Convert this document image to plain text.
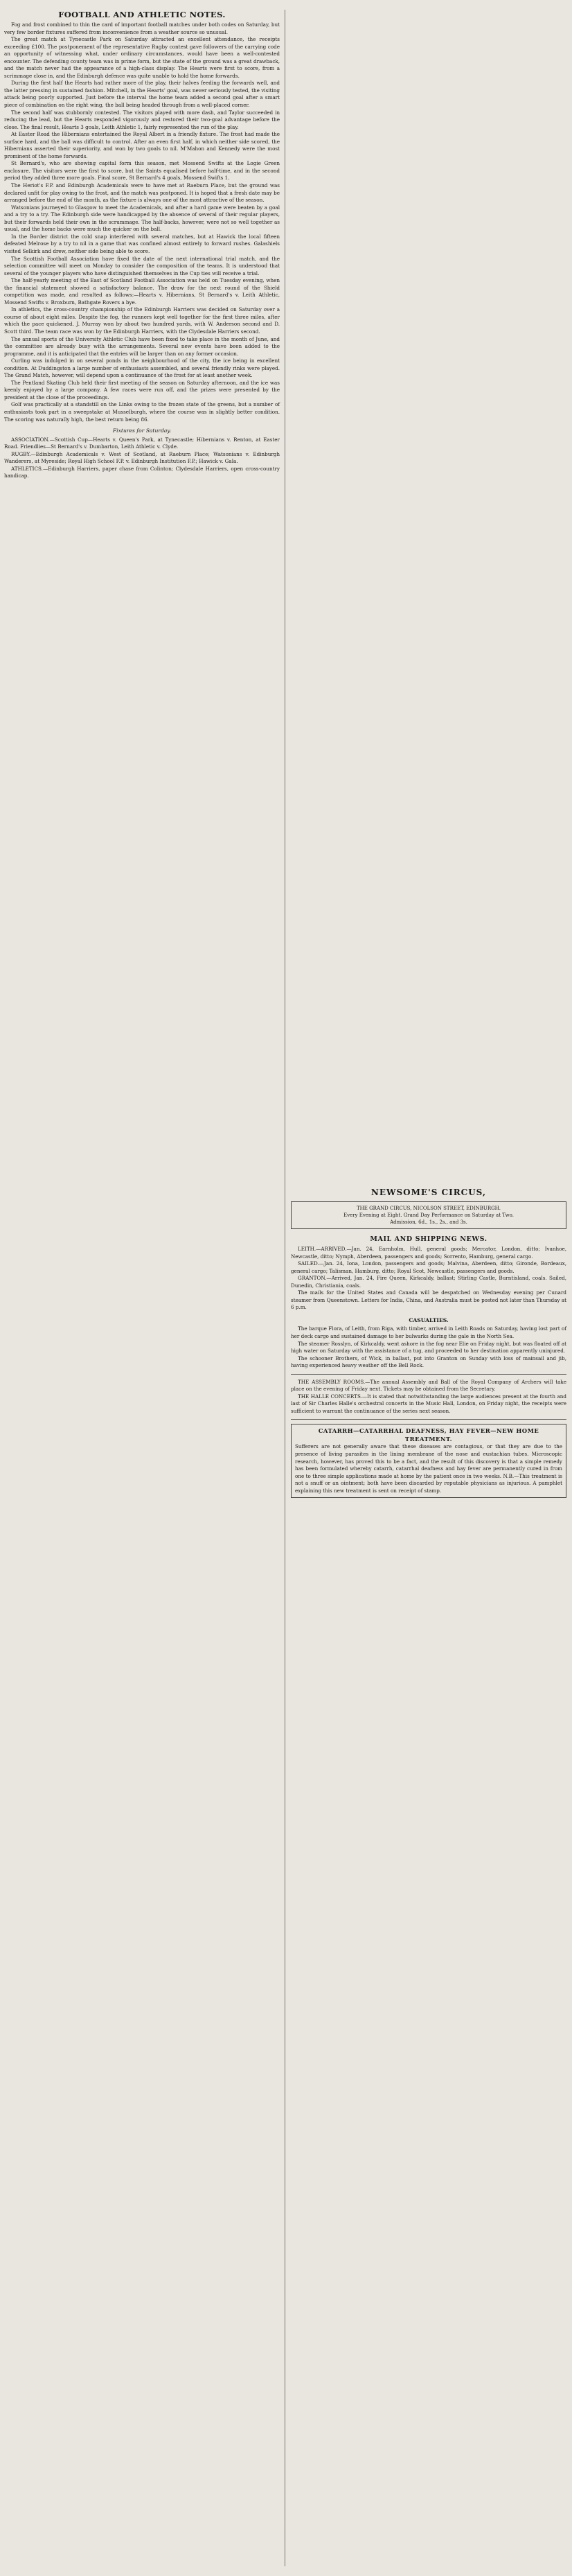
FOOTBALL AND ATHLETIC NOTES.

Fog and frost combined to thin the card of important football matches under both codes on Saturday, but very few border fixtures suffered from inconvenience from a weather source so unusual.

The great match at Tynecastle Park on Saturday attracted an excellent attendance, the receipts exceeding £100. The postponement of the representative Rugby contest gave followers of the carrying code an opportunity of witnessing what, under ordinary circumstances, would have been a well-contested encounter. The defending county team was in prime form, but the state of the ground was a great drawback, and the match never had the appearance of a high-class display. The Hearts were first to score, from a scrimmage close in, and the Edinburgh defence was quite unable to hold the home forwards.

During the first half the Hearts had rather more of the play, their halves feeding the forwards well, and the latter pressing in sustained fashion. Mitchell, in the Hearts' goal, was never seriously tested, the visiting attack being poorly supported. Just before the interval the home team added a second goal after a smart piece of combination on the right wing, the ball being headed through from a well-placed corner.

The second half was stubbornly contested. The visitors played with more dash, and Taylor succeeded in reducing the lead, but the Hearts responded vigorously and restored their two-goal advantage before the close. The final result, Hearts 3 goals, Leith Athletic 1, fairly represented the run of the play.

At Easter Road the Hibernians entertained the Royal Albert in a friendly fixture. The frost had made the surface hard, and the ball was difficult to control. After an even first half, in which neither side scored, the Hibernians asserted their superiority, and won by two goals to nil. M'Mahon and Kennedy were the most prominent of the home forwards.

St Bernard's, who are showing capital form this season, met Mossend Swifts at the Logie Green enclosure. The visitors were the first to score, but the Saints equalised before half-time, and in the second period they added three more goals. Final score, St Bernard's 4 goals, Mossend Swifts 1.

The Heriot's F.P. and Edinburgh Academicals were to have met at Raeburn Place, but the ground was declared unfit for play owing to the frost, and the match was postponed. It is hoped that a fresh date may be arranged before the end of the month, as the fixture is always one of the most attractive of the season.

Watsonians journeyed to Glasgow to meet the Academicals, and after a hard game were beaten by a goal and a try to a try. The Edinburgh side were handicapped by the absence of several of their regular players, but their forwards held their own in the scrummage. The half-backs, however, were not so well together as usual, and the home backs were much the quicker on the ball.

In the Border district the cold snap interfered with several matches, but at Hawick the local fifteen defeated Melrose by a try to nil in a game that was confined almost entirely to forward rushes. Galashiels visited Selkirk and drew, neither side being able to score.

The Scottish Football Association have fixed the date of the next international trial match, and the selection committee will meet on Monday to consider the composition of the teams. It is understood that several of the younger players who have distinguished themselves in the Cup ties will receive a trial.

The half-yearly meeting of the East of Scotland Football Association was held on Tuesday evening, when the financial statement showed a satisfactory balance. The draw for the next round of the Shield competition was made, and resulted as follows:—Hearts v. Hibernians, St Bernard's v. Leith Athletic, Mossend Swifts v. Broxburn, Bathgate Rovers a bye.

In athletics, the cross-country championship of the Edinburgh Harriers was decided on Saturday over a course of about eight miles. Despite the fog, the runners kept well together for the first three miles, after which the pace quickened. J. Murray won by about two hundred yards, with W. Anderson second and D. Scott third. The team race was won by the Edinburgh Harriers, with the Clydesdale Harriers second.

The annual sports of the University Athletic Club have been fixed to take place in the month of June, and the committee are already busy with the arrangements. Several new events have been added to the programme, and it is anticipated that the entries will be larger than on any former occasion.

Curling was indulged in on several ponds in the neighbourhood of the city, the ice being in excellent condition. At Duddingston a large number of enthusiasts assembled, and several friendly rinks were played. The Grand Match, however, will depend upon a continuance of the frost for at least another week.

The Pentland Skating Club held their first meeting of the season on Saturday afternoon, and the ice was keenly enjoyed by a large company. A few races were run off, and the prizes were presented by the president at the close of the proceedings.

Golf was practically at a standstill on the Links owing to the frozen state of the greens, but a number of enthusiasts took part in a sweepstake at Musselburgh, where the course was in slightly better condition. The scoring was naturally high, the best return being 86.

Fixtures for Saturday.

ASSOCIATION.—Scottish Cup—Hearts v. Queen's Park, at Tynecastle; Hibernians v. Renton, at Easter Road. Friendlies—St Bernard's v. Dumbarton, Leith Athletic v. Clyde.

RUGBY.—Edinburgh Academicals v. West of Scotland, at Raeburn Place; Watsonians v. Edinburgh Wanderers, at Myreside; Royal High School F.P. v. Edinburgh Institution F.P.; Hawick v. Gala.

ATHLETICS.—Edinburgh Harriers, paper chase from Colinton; Clydesdale Harriers, open cross-country handicap.

NEWSOME'S CIRCUS,
THE GRAND CIRCUS, NICOLSON STREET, EDINBURGH.
Every Evening at Eight. Grand Day Performance on Saturday at Two.
Admission, 6d., 1s., 2s., and 3s.
MAIL AND SHIPPING NEWS.

LEITH.—ARRIVED.—Jan. 24, Earnholm, Hull, general goods; Mercator, London, ditto; Ivanhoe, Newcastle, ditto; Nymph, Aberdeen, passengers and goods; Sorrento, Hamburg, general cargo.

SAILED.—Jan. 24, Iona, London, passengers and goods; Malvina, Aberdeen, ditto; Gironde, Bordeaux, general cargo; Talisman, Hamburg, ditto; Royal Scot, Newcastle, passengers and goods.

GRANTON.—Arrived, Jan. 24, Fire Queen, Kirkcaldy, ballast; Stirling Castle, Burntisland, coals. Sailed, Dunedin, Christiania, coals.

The mails for the United States and Canada will be despatched on Wednesday evening per Cunard steamer from Queenstown. Letters for India, China, and Australia must be posted not later than Thursday at 6 p.m.

CASUALTIES.

The barque Flora, of Leith, from Riga, with timber, arrived in Leith Roads on Saturday, having lost part of her deck cargo and sustained damage to her bulwarks during the gale in the North Sea.

The steamer Rosslyn, of Kirkcaldy, went ashore in the fog near Elie on Friday night, but was floated off at high water on Saturday with the assistance of a tug, and proceeded to her destination apparently uninjured.

The schooner Brothers, of Wick, in ballast, put into Granton on Sunday with loss of mainsail and jib, having experienced heavy weather off the Bell Rock.

THE ASSEMBLY ROOMS.—The annual Assembly and Ball of the Royal Company of Archers will take place on the evening of Friday next. Tickets may be obtained from the Secretary.

THE HALLE CONCERTS.—It is stated that notwithstanding the large audiences present at the fourth and last of Sir Charles Halle's orchestral concerts in the Music Hall, London, on Friday night, the receipts were sufficient to warrant the continuance of the series next season.

CATARRH—CATARRHAL DEAFNESS, HAY FEVER—NEW HOME TREATMENT.

Sufferers are not generally aware that these diseases are contagious, or that they are due to the presence of living parasites in the lining membrane of the nose and eustachian tubes. Microscopic research, however, has proved this to be a fact, and the result of this discovery is that a simple remedy has been formulated whereby catarrh, catarrhal deafness and hay fever are permanently cured in from one to three simple applications made at home by the patient once in two weeks. N.B.—This treatment is not a snuff or an ointment; both have been discarded by reputable physicians as injurious. A pamphlet explaining this new treatment is sent on receipt of stamp.
